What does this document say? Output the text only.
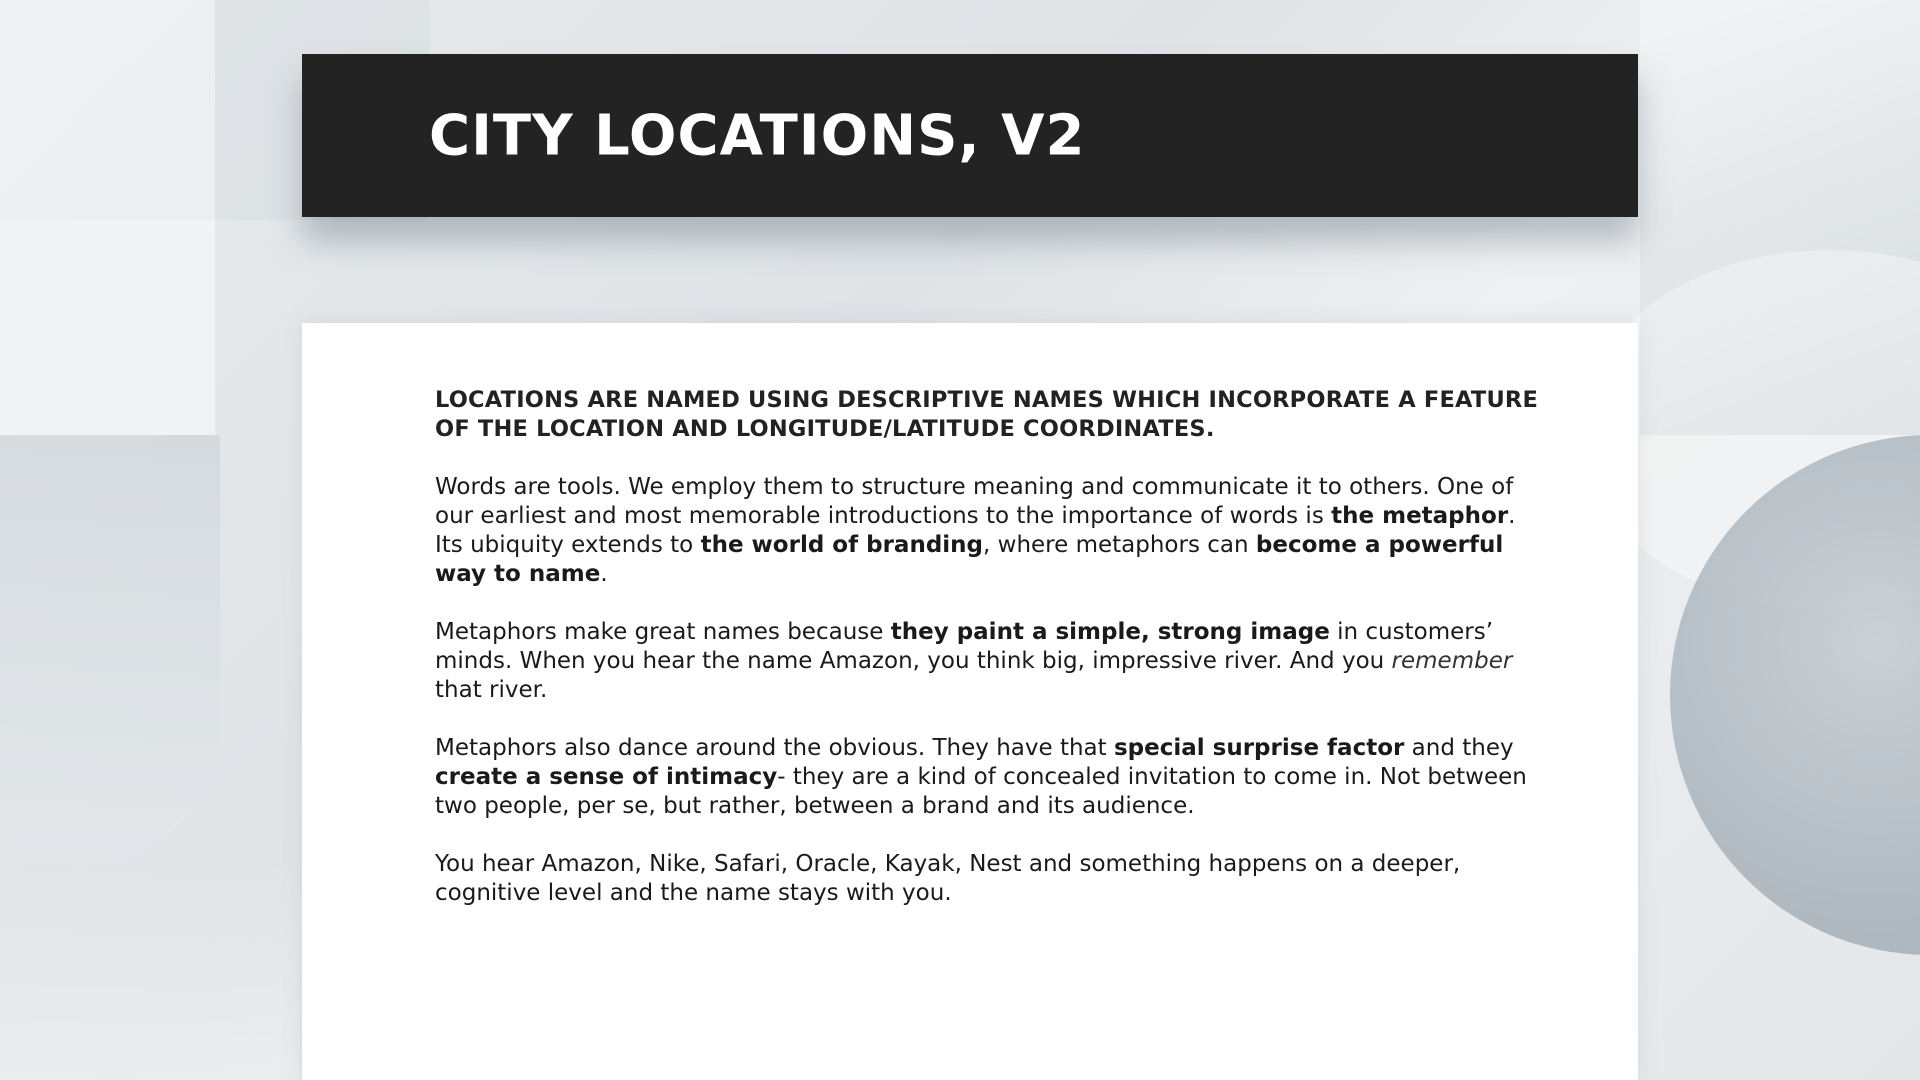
CITY LOCATIONS, V2

LOCATIONS ARE NAMED USING DESCRIPTIVE NAMES WHICH INCORPORATE A FEATURE OF THE LOCATION AND LONGITUDE/LATITUDE COORDINATES.

Words are tools. We employ them to structure meaning and communicate it to others. One of our earliest and most memorable introductions to the importance of words is the metaphor. Its ubiquity extends to the world of branding, where metaphors can become a powerful way to name.

Metaphors make great names because they paint a simple, strong image in customers’ minds. When you hear the name Amazon, you think big, impressive river. And you remember that river.

Metaphors also dance around the obvious. They have that special surprise factor and they create a sense of intimacy- they are a kind of concealed invitation to come in. Not between two people, per se, but rather, between a brand and its audience.

You hear Amazon, Nike, Safari, Oracle, Kayak, Nest and something happens on a deeper, cognitive level and the name stays with you.
